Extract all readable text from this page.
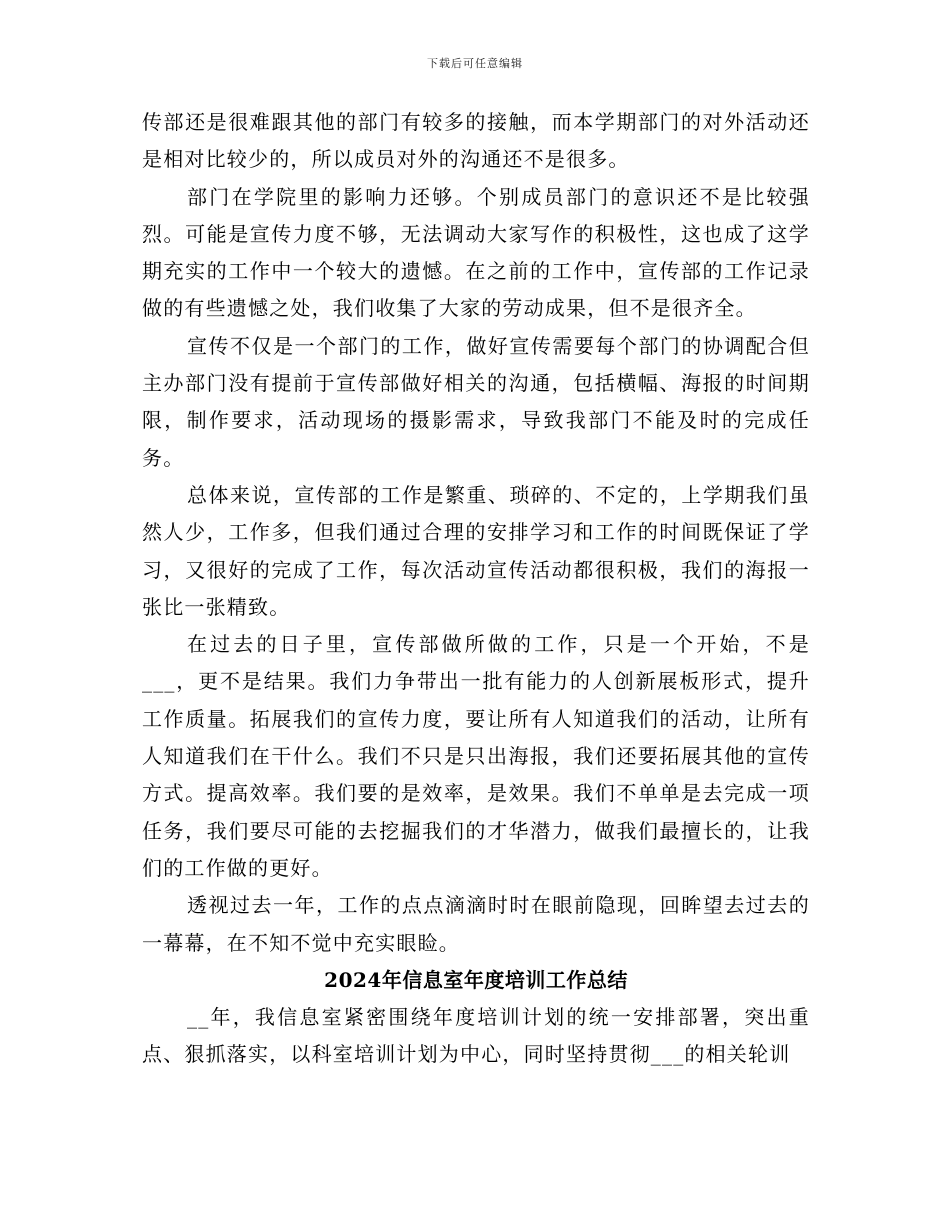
下载后可任意编辑

传部还是很难跟其他的部门有较多的接触，而本学期部门的对外活动还是相对比较少的，所以成员对外的沟通还不是很多。

部门在学院里的影响力还够。个别成员部门的意识还不是比较强烈。可能是宣传力度不够，无法调动大家写作的积极性，这也成了这学期充实的工作中一个较大的遗憾。在之前的工作中，宣传部的工作记录做的有些遗憾之处，我们收集了大家的劳动成果，但不是很齐全。

宣传不仅是一个部门的工作，做好宣传需要每个部门的协调配合但主办部门没有提前于宣传部做好相关的沟通，包括横幅、海报的时间期限，制作要求，活动现场的摄影需求，导致我部门不能及时的完成任务。

总体来说，宣传部的工作是繁重、琐碎的、不定的，上学期我们虽然人少，工作多，但我们通过合理的安排学习和工作的时间既保证了学习，又很好的完成了工作，每次活动宣传活动都很积极，我们的海报一张比一张精致。

在过去的日子里，宣传部做所做的工作，只是一个开始，不是___，更不是结果。我们力争带出一批有能力的人创新展板形式，提升工作质量。拓展我们的宣传力度，要让所有人知道我们的活动，让所有人知道我们在干什么。我们不只是只出海报，我们还要拓展其他的宣传方式。提高效率。我们要的是效率，是效果。我们不单单是去完成一项任务，我们要尽可能的去挖掘我们的才华潜力，做我们最擅长的，让我们的工作做的更好。

透视过去一年，工作的点点滴滴时时在眼前隐现，回眸望去过去的一幕幕，在不知不觉中充实眼睑。

2024年信息室年度培训工作总结

__年，我信息室紧密围绕年度培训计划的统一安排部署，突出重点、狠抓落实，以科室培训计划为中心，同时坚持贯彻___的相关轮训
